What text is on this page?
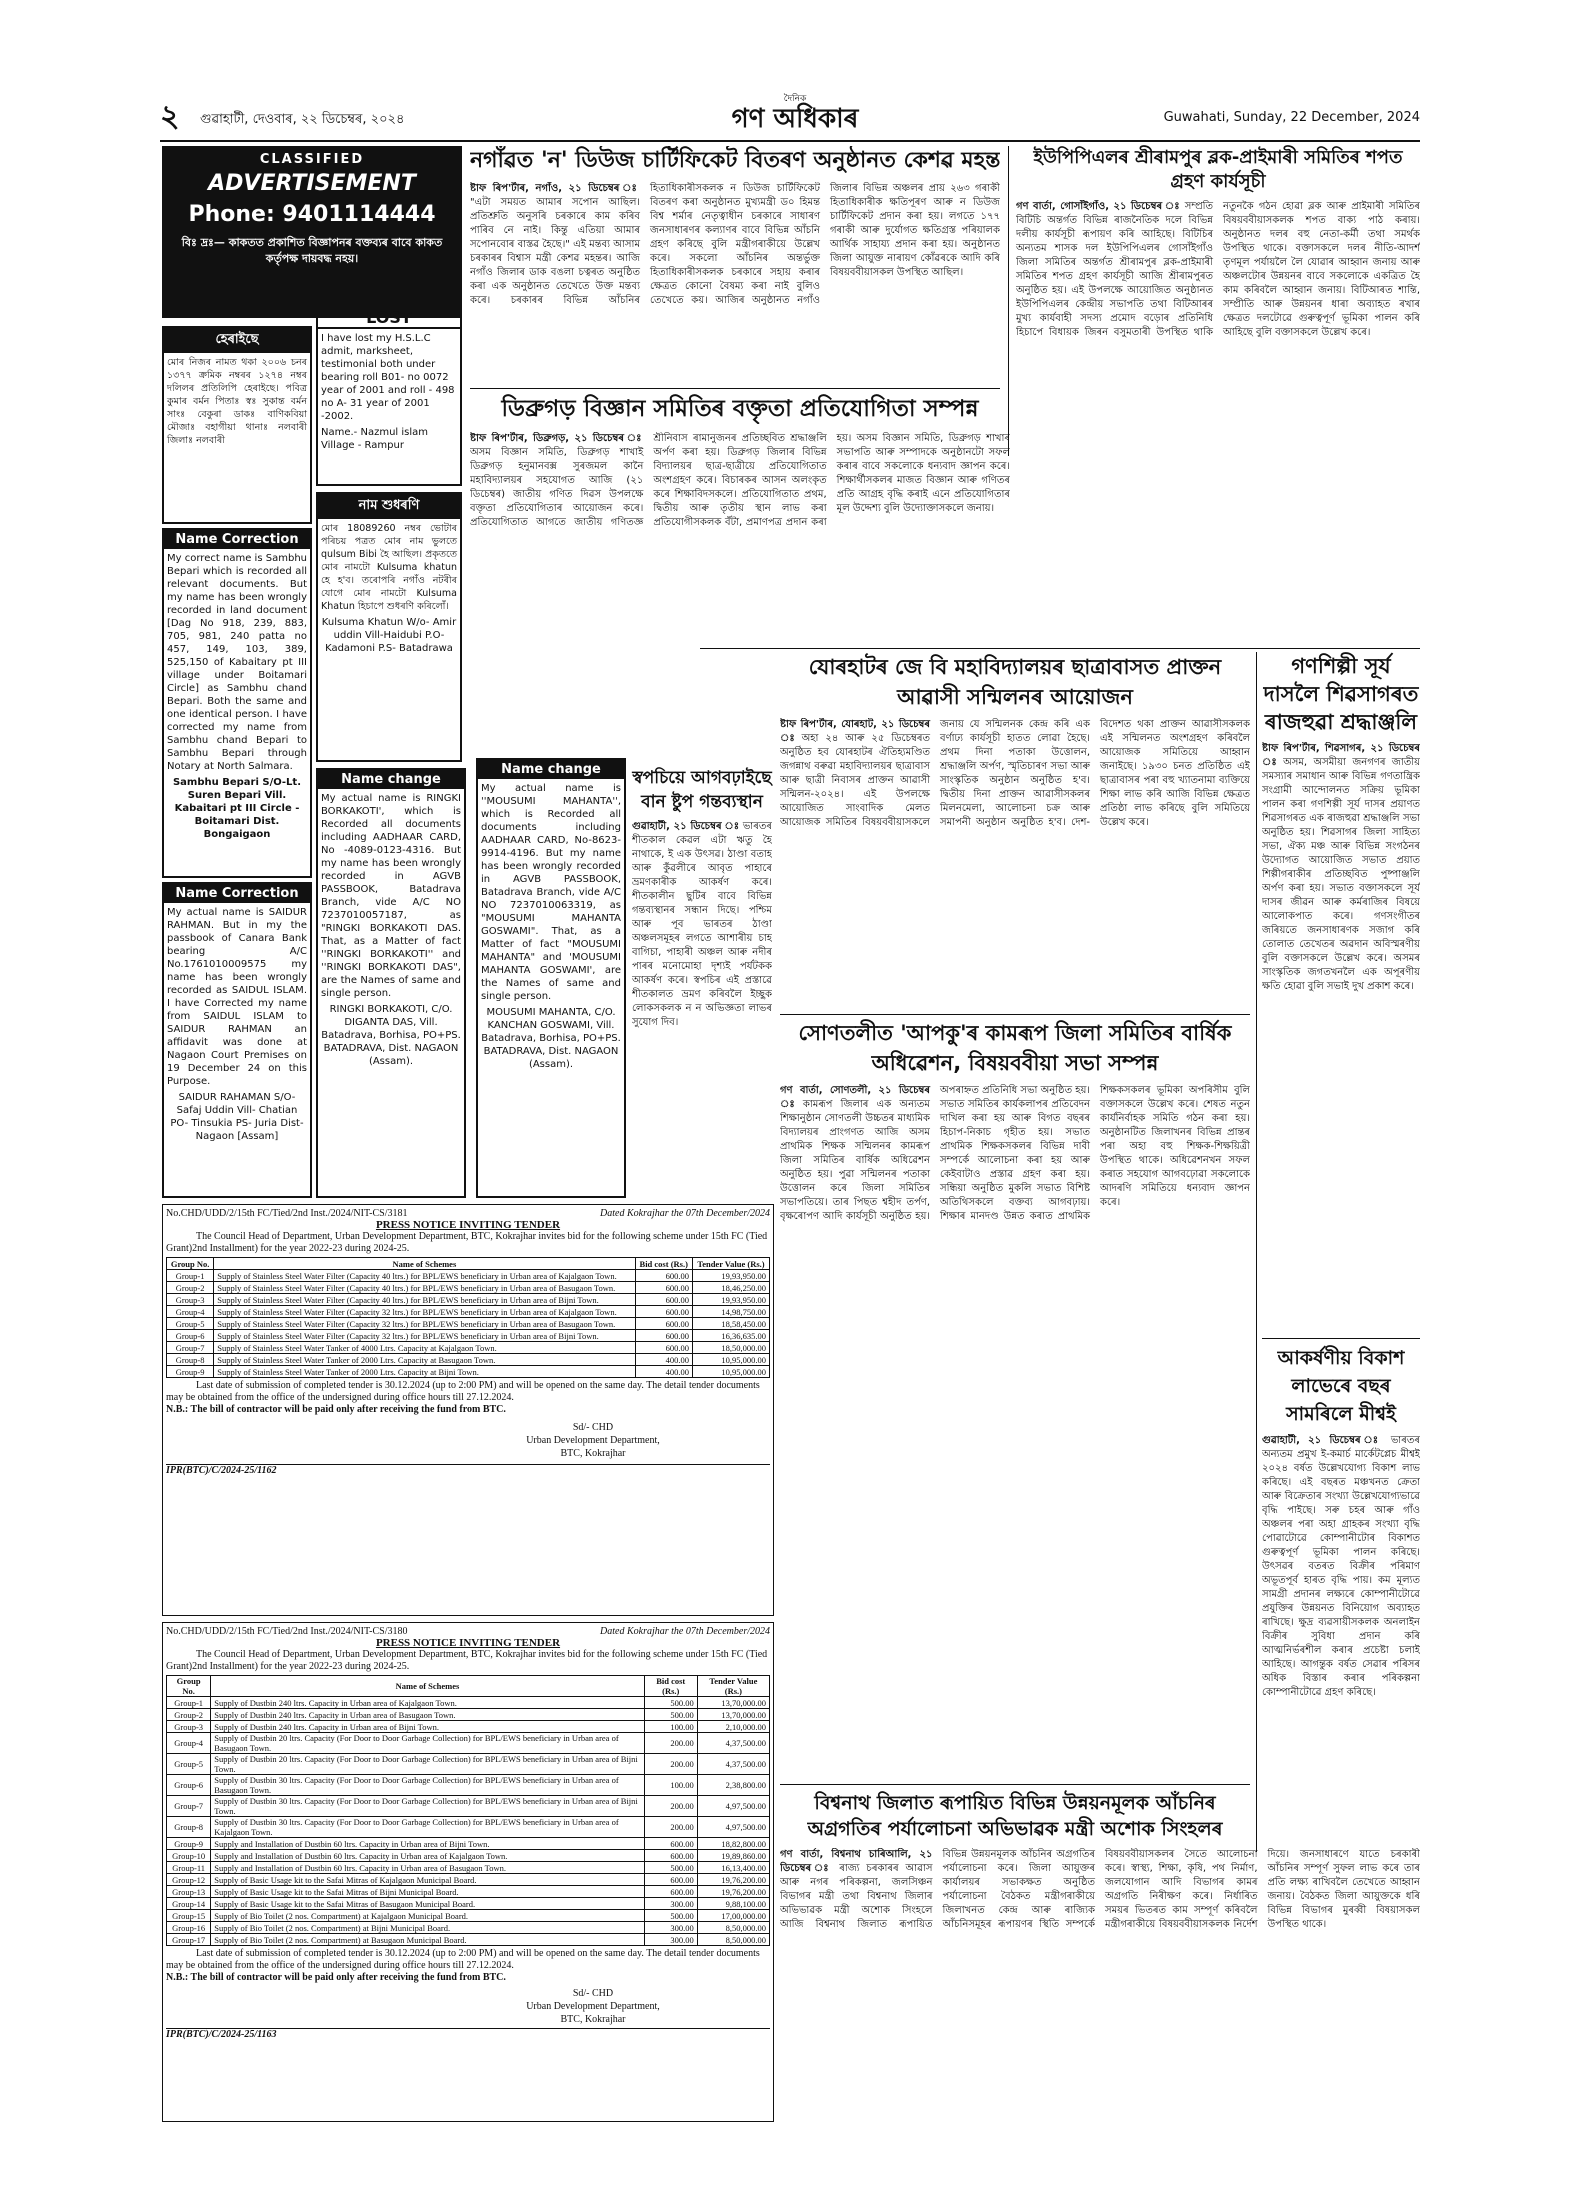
২ গুৱাহাটী, দেওবাৰ, ২২ ডিচেম্বৰ, ২০২৪
দৈনিক
গণ অধিকাৰ	Guwahati, Sunday, 22 December, 2024
CLASSIFIED
ADVERTISEMENT
Phone: 9401114444
বিঃ দ্ৰঃ— কাকতত প্ৰকাশিত বিজ্ঞাপনৰ বক্তব্যৰ বাবে কাকত কৰ্তৃপক্ষ দায়বদ্ধ নহয়।
হেৰাইছে
মোৰ নিজৰ নামত থকা ২০০৬ চনৰ ১৩৭৭ ক্ৰমিক নম্বৰৰ ১২৭৪ নম্বৰ দলিলৰ প্ৰতিলিপি হেৰাইছে। পবিত্ৰ কুমাৰ বৰ্মন পিতাঃ স্বঃ সুকান্ত বৰ্মন সাংঃ বেকুৰা ডাকঃ বাণিকবিয়া মৌজাঃ বহাগীয়া থানাঃ নলবাৰী জিলাঃ নলবাৰী
LOST
I have lost my H.S.L.C admit, marksheet, testimonial both under bearing roll B01- no 0072 year of 2001 and roll - 498 no A- 31 year of 2001 -2002.
Name.- Nazmul islam Village - Rampur
নাম শুধৰণি
মোৰ 18089260 নম্বৰ ভোটাৰ পৰিচয় পত্ৰত মোৰ নাম ভুলতে qulsum Bibi হৈ আছিল। প্ৰকৃততে মোৰ নামটো Kulsuma khatun হে হ'ব। তৰোপৰি নগাঁও নটৰীৰ যোগে মোৰ নামটো Kulsuma Khatun হিচাপে শুধৰণি কৰিলোঁ।
Kulsuma Khatun W/o- Amir uddin Vill-Haidubi P.O-Kadamoni P.S- Batadrawa
Name Correction
My correct name is Sambhu Bepari which is recorded all relevant documents. But my name has been wrongly recorded in land document [Dag No 918, 239, 883, 705, 981, 240 patta no 457, 149, 103, 389, 525,150 of Kabaitary pt III village under Boitamari Circle] as Sambhu chand Bepari. Both the same and one identical person. I have corrected my name from Sambhu chand Bepari to Sambhu Bepari through Notary at North Salmara.
Sambhu Bepari S/O-Lt. Suren Bepari Vill. Kabaitari pt III Circle - Boitamari Dist. Bongaigaon
Name change
My actual name is RINGKI BORKAKOTI', which is Recorded all documents including AADHAAR CARD, No -4089-0123-4316. But my name has been wrongly recorded in AGVB PASSBOOK, Batadrava Branch, vide A/C NO 7237010057187, as "RINGKI BORKAKOTI DAS. That, as a Matter of fact ''RINGKI BORKAKOTI'' and ''RINGKI BORKAKOTI DAS", are the Names of same and single person.
RINGKI BORKAKOTI, C/O. DIGANTA DAS, Vill. Batadrava, Borhisa, PO+PS. BATADRAVA, Dist. NAGAON (Assam).
Name Correction
My actual name is SAIDUR RAHMAN. But in my the passbook of Canara Bank bearing A/C No.1761010009575 my name has been wrongly recorded as SAIDUL ISLAM. I have Corrected my name from SAIDUL ISLAM to SAIDUR RAHMAN an affidavit was done at Nagaon Court Premises on 19 December 24 on this Purpose.
SAIDUR RAHAMAN S/O-Safaj Uddin Vill- Chatian PO- Tinsukia PS- Juria Dist-Nagaon [Assam]
Name change
My actual name is ''MOUSUMI MAHANTA'', which is Recorded all documents including AADHAAR CARD, No-8623-9914-4196. But my name has been wrongly recorded in AGVB PASSBOOK, Batadrava Branch, vide A/C NO 7237010063319, as "MOUSUMI MAHANTA GOSWAMI". That, as a Matter of fact "MOUSUMI MAHANTA" and 'MOUSUMI MAHANTA GOSWAMI', are the Names of same and single person.
MOUSUMI MAHANTA, C/O. KANCHAN GOSWAMI, Vill. Batadrava, Borhisa, PO+PS. BATADRAVA, Dist. NAGAON (Assam).
নগাঁৱত 'ন' ডিউজ চাৰ্টিফিকেট বিতৰণ অনুষ্ঠানত কেশৱ মহন্ত
ষ্টাফ ৰিপ'ৰ্টাৰ, নগাঁও, ২১ ডিচেম্বৰ ঃ "এটা সময়ত আমাৰ সপোন আছিল। প্ৰতিশ্ৰুতি অনুসৰি চৰকাৰে কাম কৰিব পাৰিব নে নাই। কিন্তু এতিয়া আমাৰ সপোনবোৰ বাস্তৱ হৈছে।" এই মন্তব্য আসাম চৰকাৰৰ বিশ্বাস মন্ত্ৰী কেশৱ মহন্তৰ। আজি নগাঁও জিলাৰ ডাক বঙলা চত্বৰত অনুষ্ঠিত কৰা এক অনুষ্ঠানত তেখেতে উক্ত মন্তব্য কৰে। চৰকাৰৰ বিভিন্ন আঁচনিৰ হিতাধিকাৰীসকলক ন ডিউজ চাৰ্টিফিকেট বিতৰণ কৰা অনুষ্ঠানত মুখ্যমন্ত্ৰী ড০ হিমন্ত বিশ্ব শৰ্মাৰ নেতৃত্বাধীন চৰকাৰে সাধাৰণ জনসাধাৰণৰ কল্যাণৰ বাবে বিভিন্ন আঁচনি গ্ৰহণ কৰিছে বুলি মন্ত্ৰীগৰাকীয়ে উল্লেখ কৰে। সকলো আঁচনিৰ অন্তৰ্ভুক্ত হিতাধিকাৰীসকলক চৰকাৰে সহায় কৰাৰ ক্ষেত্ৰত কোনো বৈষম্য কৰা নাই বুলিও তেখেতে কয়। আজিৰ অনুষ্ঠানত নগাঁও জিলাৰ বিভিন্ন অঞ্চলৰ প্ৰায় ২৬৩ গৰাকী হিতাধিকাৰীক ক্ষতিপূৰণ আৰু ন ডিউজ চাৰ্টিফিকেট প্ৰদান কৰা হয়। লগতে ১৭৭ গৰাকী আৰু দুৰ্যোগত ক্ষতিগ্ৰস্ত পৰিয়ালক আৰ্থিক সাহায্য প্ৰদান কৰা হয়। অনুষ্ঠানত জিলা আয়ুক্ত নাৰায়ণ কোঁৱৰকে আদি কৰি বিষয়ববীয়াসকল উপস্থিত আছিল।
ইউপিপিএলৰ শ্ৰীৰামপুৰ ব্লক-প্ৰাইমাৰী সমিতিৰ শপত গ্ৰহণ কাৰ্যসূচী
গণ বাৰ্তা, গোসাঁইগাঁও, ২১ ডিচেম্বৰ ঃ সম্প্ৰতি বিটিচি অন্তৰ্গত বিভিন্ন ৰাজনৈতিক দলে বিভিন্ন দলীয় কাৰ্যসূচী ৰূপায়ণ কৰি আহিছে। বিটিচিৰ অন্যতম শাসক দল ইউপিপিএলৰ গোসাঁইগাঁও জিলা সমিতিৰ অন্তৰ্গত শ্ৰীৰামপুৰ ব্লক-প্ৰাইমাৰী সমিতিৰ শপত গ্ৰহণ কাৰ্যসূচী আজি শ্ৰীৰামপুৰত অনুষ্ঠিত হয়। এই উপলক্ষে আয়োজিত অনুষ্ঠানত ইউপিপিএলৰ কেন্দ্ৰীয় সভাপতি তথা বিটিআৰৰ মুখ্য কাৰ্যবাহী সদস্য প্ৰমোদ বড়োৰ প্ৰতিনিধি হিচাপে বিধায়ক জিৰন বসুমতাৰী উপস্থিত থাকি নতুনকৈ গঠন হোৱা ব্লক আৰু প্ৰাইমাৰী সমিতিৰ বিষয়ববীয়াসকলক শপত বাক্য পাঠ কৰায়। অনুষ্ঠানত দলৰ বহু নেতা-কৰ্মী তথা সমৰ্থক উপস্থিত থাকে। বক্তাসকলে দলৰ নীতি-আদৰ্শ তৃণমূল পৰ্যায়লৈ লৈ যোৱাৰ আহ্বান জনায় আৰু অঞ্চলটোৰ উন্নয়নৰ বাবে সকলোকে একত্ৰিত হৈ কাম কৰিবলৈ আহ্বান জনায়। বিটিআৰত শান্তি, সম্প্ৰীতি আৰু উন্নয়নৰ ধাৰা অব্যাহত ৰখাৰ ক্ষেত্ৰত দলটোৱে গুৰুত্বপূৰ্ণ ভূমিকা পালন কৰি আহিছে বুলি বক্তাসকলে উল্লেখ কৰে।
ডিব্ৰুগড় বিজ্ঞান সমিতিৰ বক্তৃতা প্ৰতিযোগিতা সম্পন্ন
ষ্টাফ ৰিপ'ৰ্টাৰ, ডিব্ৰুগড়, ২১ ডিচেম্বৰ ঃ অসম বিজ্ঞান সমিতি, ডিব্ৰুগড় শাখাই ডিব্ৰুগড় হনুমানবক্স সুৰজমল কানৈ মহাবিদ্যালয়ৰ সহযোগত আজি (২১ ডিচেম্বৰ) জাতীয় গণিত দিৱস উপলক্ষে বক্তৃতা প্ৰতিযোগিতাৰ আয়োজন কৰে। প্ৰতিযোগিতাত আগতে জাতীয় গণিতজ্ঞ শ্ৰীনিবাস ৰামানুজনৰ প্ৰতিচ্ছবিত শ্ৰদ্ধাঞ্জলি অৰ্পণ কৰা হয়। ডিব্ৰুগড় জিলাৰ বিভিন্ন বিদ্যালয়ৰ ছাত্ৰ-ছাত্ৰীয়ে প্ৰতিযোগিতাত অংশগ্ৰহণ কৰে। বিচাৰকৰ আসন অলংকৃত কৰে শিক্ষাবিদসকলে। প্ৰতিযোগিতাত প্ৰথম, দ্বিতীয় আৰু তৃতীয় স্থান লাভ কৰা প্ৰতিযোগীসকলক বঁটা, প্ৰমাণপত্ৰ প্ৰদান কৰা হয়। অসম বিজ্ঞান সমিতি, ডিব্ৰুগড় শাখাৰ সভাপতি আৰু সম্পাদকে অনুষ্ঠানটো সফল কৰাৰ বাবে সকলোকে ধন্যবাদ জ্ঞাপন কৰে। শিক্ষাৰ্থীসকলৰ মাজত বিজ্ঞান আৰু গণিতৰ প্ৰতি আগ্ৰহ বৃদ্ধি কৰাই এনে প্ৰতিযোগিতাৰ মূল উদ্দেশ্য বুলি উদ্যোক্তাসকলে জনায়।
যোৰহাটৰ জে বি মহাবিদ্যালয়ৰ ছাত্ৰাবাসত প্ৰাক্তন আৱাসী সন্মিলনৰ আয়োজন
ষ্টাফ ৰিপ'ৰ্টাৰ, যোৰহাট, ২১ ডিচেম্বৰ ঃ অহা ২৪ আৰু ২৫ ডিচেম্বৰত অনুষ্ঠিত হব যোৰহাটৰ ঐতিহ্যমণ্ডিত জগন্নাথ বৰুৱা মহাবিদ্যালয়ৰ ছাত্ৰাবাস আৰু ছাত্ৰী নিবাসৰ প্ৰাক্তন আৱাসী সন্মিলন-২০২৪। এই উপলক্ষে আয়োজিত সাংবাদিক মেলত আয়োজক সমিতিৰ বিষয়ববীয়াসকলে জনায় যে সন্মিলনক কেন্দ্ৰ কৰি এক বৰ্ণাঢ্য কাৰ্যসূচী হাতত লোৱা হৈছে। প্ৰথম দিনা পতাকা উত্তোলন, শ্ৰদ্ধাঞ্জলি অৰ্পণ, স্মৃতিচাৰণ সভা আৰু সাংস্কৃতিক অনুষ্ঠান অনুষ্ঠিত হ'ব। দ্বিতীয় দিনা প্ৰাক্তন আৱাসীসকলৰ মিলনমেলা, আলোচনা চক্ৰ আৰু সমাপনী অনুষ্ঠান অনুষ্ঠিত হ'ব। দেশ-বিদেশত থকা প্ৰাক্তন আৱাসীসকলক এই সন্মিলনত অংশগ্ৰহণ কৰিবলৈ আয়োজক সমিতিয়ে আহ্বান জনাইছে। ১৯৩০ চনত প্ৰতিষ্ঠিত এই ছাত্ৰাবাসৰ পৰা বহু খ্যাতনামা ব্যক্তিয়ে শিক্ষা লাভ কৰি আজি বিভিন্ন ক্ষেত্ৰত প্ৰতিষ্ঠা লাভ কৰিছে বুলি সমিতিয়ে উল্লেখ কৰে।
স্বপচিয়ে আগবঢ়াইছে বান ষ্টুপ গন্তব্যস্থান
গুৱাহাটী, ২১ ডিচেম্বৰ ঃ ভাৰতৰ শীতকাল কেৱল এটা ঋতু হৈ নাথাকে, ই এক উৎসৱ। ঠাণ্ডা বতাহ আৰু কুঁৱলীৰে আবৃত পাহাৰে ভ্ৰমণকাৰীক আকৰ্ষণ কৰে। শীতকালীন ছুটিৰ বাবে বিভিন্ন গন্তব্যস্থানৰ সন্ধান দিছে। পশ্চিম আৰু পূব ভাৰতৰ ঠাণ্ডা অঞ্চলসমূহৰ লগতে আশাৰীয় চাহ বাগিচা, পাহাৰী অঞ্চল আৰু নদীৰ পাৰৰ মনোমোহা দৃশ্যই পৰ্যটকক আকৰ্ষণ কৰে। স্বপচিৰ এই প্ৰস্তাৱে শীতকালত ভ্ৰমণ কৰিবলৈ ইচ্ছুক লোকসকলক ন ন অভিজ্ঞতা লাভৰ সুযোগ দিব।
গণশিল্পী সূৰ্য দাসলৈ শিৱসাগৰত ৰাজহুৱা শ্ৰদ্ধাঞ্জলি
ষ্টাফ ৰিপ'ৰ্টাৰ, শিৱসাগৰ, ২১ ডিচেম্বৰ ঃ অসম, অসমীয়া জনগণৰ জাতীয় সমস্যাৰ সমাধান আৰু বিভিন্ন গণতান্ত্ৰিক সংগ্ৰামী আন্দোলনত সক্ৰিয় ভূমিকা পালন কৰা গণশিল্পী সূৰ্য দাসৰ প্ৰয়াণত শিৱসাগৰত এক ৰাজহুৱা শ্ৰদ্ধাঞ্জলি সভা অনুষ্ঠিত হয়। শিৱসাগৰ জিলা সাহিত্য সভা, ঐক্য মঞ্চ আৰু বিভিন্ন সংগঠনৰ উদ্যোগত আয়োজিত সভাত প্ৰয়াত শিল্পীগৰাকীৰ প্ৰতিচ্ছবিত পুষ্পাঞ্জলি অৰ্পণ কৰা হয়। সভাত বক্তাসকলে সূৰ্য দাসৰ জীৱন আৰু কৰ্মৰাজিৰ বিষয়ে আলোকপাত কৰে। গণসংগীতৰ জৰিয়তে জনসাধাৰণক সজাগ কৰি তোলাত তেখেতৰ অৱদান অবিস্মৰণীয় বুলি বক্তাসকলে উল্লেখ কৰে। অসমৰ সাংস্কৃতিক জগতখনলৈ এক অপূৰণীয় ক্ষতি হোৱা বুলি সভাই দুখ প্ৰকাশ কৰে।
সোণতলীত 'আপকু'ৰ কামৰূপ জিলা সমিতিৰ বাৰ্ষিক অধিৱেশন, বিষয়ববীয়া সভা সম্পন্ন
গণ বাৰ্তা, সোণতলী, ২১ ডিচেম্বৰ ঃ কামৰূপ জিলাৰ এক অন্যতম শিক্ষানুষ্ঠান সোণতলী উচ্চতৰ মাধ্যমিক বিদ্যালয়ৰ প্ৰাংগণত আজি অসম প্ৰাথমিক শিক্ষক সন্মিলনৰ কামৰূপ জিলা সমিতিৰ বাৰ্ষিক অধিৱেশন অনুষ্ঠিত হয়। পুৱা সন্মিলনৰ পতাকা উত্তোলন কৰে জিলা সমিতিৰ সভাপতিয়ে। তাৰ পিছত শ্বহীদ তৰ্পণ, বৃক্ষৰোপণ আদি কাৰ্যসূচী অনুষ্ঠিত হয়। অপৰাহ্নত প্ৰতিনিধি সভা অনুষ্ঠিত হয়। সভাত সমিতিৰ কাৰ্যকলাপৰ প্ৰতিবেদন দাখিল কৰা হয় আৰু বিগত বছৰৰ হিচাপ-নিকাচ গৃহীত হয়। সভাত প্ৰাথমিক শিক্ষকসকলৰ বিভিন্ন দাবী সম্পৰ্কে আলোচনা কৰা হয় আৰু কেইবাটাও প্ৰস্তাৱ গ্ৰহণ কৰা হয়। সন্ধিয়া অনুষ্ঠিত মুকলি সভাত বিশিষ্ট অতিথিসকলে বক্তব্য আগবঢ়ায়। শিক্ষাৰ মানদণ্ড উন্নত কৰাত প্ৰাথমিক শিক্ষকসকলৰ ভূমিকা অপৰিসীম বুলি বক্তাসকলে উল্লেখ কৰে। শেষত নতুন কাৰ্যনিৰ্বাহক সমিতি গঠন কৰা হয়। অনুষ্ঠানটিত জিলাখনৰ বিভিন্ন প্ৰান্তৰ পৰা অহা বহু শিক্ষক-শিক্ষয়িত্ৰী উপস্থিত থাকে। অধিৱেশনখন সফল কৰাত সহযোগ আগবঢ়োৱা সকলোকে আদৰণি সমিতিয়ে ধন্যবাদ জ্ঞাপন কৰে।
আকৰ্ষণীয় বিকাশ লাভেৰে বছৰ সামৰিলে মীশ্বই
গুৱাহাটী, ২১ ডিচেম্বৰ ঃ ভাৰতৰ অন্যতম প্ৰমুখ ই-কমাৰ্চ মাৰ্কেটপ্লেচ মীশ্বই ২০২৪ বৰ্ষত উল্লেখযোগ্য বিকাশ লাভ কৰিছে। এই বছৰত মঞ্চখনত ক্ৰেতা আৰু বিক্ৰেতাৰ সংখ্যা উল্লেখযোগ্যভাৱে বৃদ্ধি পাইছে। সৰু চহৰ আৰু গাঁও অঞ্চলৰ পৰা অহা গ্ৰাহকৰ সংখ্যা বৃদ্ধি পোৱাটোৱে কোম্পানীটোৰ বিকাশত গুৰুত্বপূৰ্ণ ভূমিকা পালন কৰিছে। উৎসৱৰ বতৰত বিক্ৰীৰ পৰিমাণ অভূতপূৰ্ব হাৰত বৃদ্ধি পায়। কম মূল্যত সামগ্ৰী প্ৰদানৰ লক্ষ্যৰে কোম্পানীটোৱে প্ৰযুক্তিৰ উন্নয়নত বিনিয়োগ অব্যাহত ৰাখিছে। ক্ষুদ্ৰ ব্যৱসায়ীসকলক অনলাইন বিক্ৰীৰ সুবিধা প্ৰদান কৰি আত্মনিৰ্ভৰশীল কৰাৰ প্ৰচেষ্টা চলাই আহিছে। আগন্তুক বৰ্ষত সেৱাৰ পৰিসৰ অধিক বিস্তাৰ কৰাৰ পৰিকল্পনা কোম্পানীটোৱে গ্ৰহণ কৰিছে।
বিশ্বনাথ জিলাত ৰূপায়িত বিভিন্ন উন্নয়নমূলক আঁচনিৰ অগ্ৰগতিৰ পৰ্যালোচনা অভিভাৱক মন্ত্ৰী অশোক সিংহলৰ
গণ বাৰ্তা, বিশ্বনাথ চাৰিআলি, ২১ ডিচেম্বৰ ঃ ৰাজ্য চৰকাৰৰ আৱাস আৰু নগৰ পৰিকল্পনা, জলসিঞ্চন বিভাগৰ মন্ত্ৰী তথা বিশ্বনাথ জিলাৰ অভিভাৱক মন্ত্ৰী অশোক সিংহলে আজি বিশ্বনাথ জিলাত ৰূপায়িত বিভিন্ন উন্নয়নমূলক আঁচনিৰ অগ্ৰগতিৰ পৰ্যালোচনা কৰে। জিলা আয়ুক্তৰ কাৰ্যালয়ৰ সভাকক্ষত অনুষ্ঠিত পৰ্যালোচনা বৈঠকত মন্ত্ৰীগৰাকীয়ে জিলাখনত কেন্দ্ৰ আৰু ৰাজ্যিক আঁচনিসমূহৰ ৰূপায়ণৰ স্থিতি সম্পৰ্কে বিষয়ববীয়াসকলৰ সৈতে আলোচনা কৰে। স্বাস্থ্য, শিক্ষা, কৃষি, পথ নিৰ্মাণ, জলযোগান আদি বিভাগৰ কামৰ অগ্ৰগতি নিৰীক্ষণ কৰে। নিৰ্ধাৰিত সময়ৰ ভিতৰত কাম সম্পূৰ্ণ কৰিবলৈ মন্ত্ৰীগৰাকীয়ে বিষয়ববীয়াসকলক নিৰ্দেশ দিয়ে। জনসাধাৰণে যাতে চৰকাৰী আঁচনিৰ সম্পূৰ্ণ সুফল লাভ কৰে তাৰ প্ৰতি লক্ষ্য ৰাখিবলৈ তেখেতে আহ্বান জনায়। বৈঠকত জিলা আয়ুক্তকে ধৰি বিভিন্ন বিভাগৰ মুৰব্বী বিষয়াসকল উপস্থিত থাকে।
No.CHD/UDD/2/15th FC/Tied/2nd Inst./2024/NIT-CS/3181	Dated Kokrajhar the 07th December/2024
PRESS NOTICE INVITING TENDER
The Council Head of Department, Urban Development Department, BTC, Kokrajhar invites bid for the following scheme under 15th FC (Tied Grant)2nd Installment) for the year 2022-23 during 2024-25.
Group No.	Name of Schemes	Bid cost (Rs.)	Tender Value (Rs.)
Group-1	Supply of Stainless Steel Water Filter (Capacity 40 ltrs.) for BPL/EWS beneficiary in Urban area of Kajalgaon Town.	600.00	19,93,950.00
Group-2	Supply of Stainless Steel Water Filter (Capacity 40 ltrs.) for BPL/EWS beneficiary in Urban area of Basugaon Town.	600.00	18,46,250.00
Group-3	Supply of Stainless Steel Water Filter (Capacity 40 ltrs.) for BPL/EWS beneficiary in Urban area of Bijni Town.	600.00	19,93,950.00
Group-4	Supply of Stainless Steel Water Filter (Capacity 32 ltrs.) for BPL/EWS beneficiary in Urban area of Kajalgaon Town.	600.00	14,98,750.00
Group-5	Supply of Stainless Steel Water Filter (Capacity 32 ltrs.) for BPL/EWS beneficiary in Urban area of Basugaon Town.	600.00	18,58,450.00
Group-6	Supply of Stainless Steel Water Filter (Capacity 32 ltrs.) for BPL/EWS beneficiary in Urban area of Bijni Town.	600.00	16,36,635.00
Group-7	Supply of Stainless Steel Water Tanker of 4000 Ltrs. Capacity at Kajalgaon Town.	600.00	18,50,000.00
Group-8	Supply of Stainless Steel Water Tanker of 2000 Ltrs. Capacity at Basugaon Town.	400.00	10,95,000.00
Group-9	Supply of Stainless Steel Water Tanker of 2000 Ltrs. Capacity at Bijni Town.	400.00	10,95,000.00
Last date of submission of completed tender is 30.12.2024 (up to 2:00 PM) and will be opened on the same day. The detail tender documents may be obtained from the office of the undersigned during office hours till 27.12.2024.
N.B.: The bill of contractor will be paid only after receiving the fund from BTC.
Sd/- CHD
Urban Development Department, BTC, Kokrajhar
IPR(BTC)/C/2024-25/1162
No.CHD/UDD/2/15th FC/Tied/2nd Inst./2024/NIT-CS/3180	Dated Kokrajhar the 07th December/2024
PRESS NOTICE INVITING TENDER
The Council Head of Department, Urban Development Department, BTC, Kokrajhar invites bid for the following scheme under 15th FC (Tied Grant)2nd Installment) for the year 2022-23 during 2024-25.
Group No.	Name of Schemes	Bid cost (Rs.)	Tender Value (Rs.)
Group-1	Supply of Dustbin 240 ltrs. Capacity in Urban area of Kajalgaon Town.	500.00	13,70,000.00
Group-2	Supply of Dustbin 240 ltrs. Capacity in Urban area of Basugaon Town.	500.00	13,70,000.00
Group-3	Supply of Dustbin 240 ltrs. Capacity in Urban area of Bijni Town.	100.00	2,10,000.00
Group-4	Supply of Dustbin 20 ltrs. Capacity (For Door to Door Garbage Collection) for BPL/EWS beneficiary in Urban area of Basugaon Town.	200.00	4,37,500.00
Group-5	Supply of Dustbin 20 ltrs. Capacity (For Door to Door Garbage Collection) for BPL/EWS beneficiary in Urban area of Bijni Town.	200.00	4,37,500.00
Group-6	Supply of Dustbin 30 ltrs. Capacity (For Door to Door Garbage Collection) for BPL/EWS beneficiary in Urban area of Basugaon Town.	100.00	2,38,800.00
Group-7	Supply of Dustbin 30 ltrs. Capacity (For Door to Door Garbage Collection) for BPL/EWS beneficiary in Urban area of Bijni Town.	200.00	4,97,500.00
Group-8	Supply of Dustbin 30 ltrs. Capacity (For Door to Door Garbage Collection) for BPL/EWS beneficiary in Urban area of Kajalgaon Town.	200.00	4,97,500.00
Group-9	Supply and Installation of Dustbin 60 ltrs. Capacity in Urban area of Bijni Town.	600.00	18,82,800.00
Group-10	Supply and Installation of Dustbin 60 ltrs. Capacity in Urban area of Kajalgaon Town.	600.00	19,89,860.00
Group-11	Supply and Installation of Dustbin 60 ltrs. Capacity in Urban area of Basugaon Town.	500.00	16,13,400.00
Group-12	Supply of Basic Usage kit to the Safai Mitras of Kajalgaon Municipal Board.	600.00	19,76,200.00
Group-13	Supply of Basic Usage kit to the Safai Mitras of Bijni Municipal Board.	600.00	19,76,200.00
Group-14	Supply of Basic Usage kit to the Safai Mitras of Basugaon Municipal Board.	300.00	9,88,100.00
Group-15	Supply of Bio Toilet (2 nos. Compartment) at Kajalgaon Municipal Board.	500.00	17,00,000.00
Group-16	Supply of Bio Toilet (2 nos. Compartment) at Bijni Municipal Board.	300.00	8,50,000.00
Group-17	Supply of Bio Toilet (2 nos. Compartment) at Basugaon Municipal Board.	300.00	8,50,000.00
Last date of submission of completed tender is 30.12.2024 (up to 2:00 PM) and will be opened on the same day. The detail tender documents may be obtained from the office of the undersigned during office hours till 27.12.2024.
N.B.: The bill of contractor will be paid only after receiving the fund from BTC.
Sd/- CHD
Urban Development Department, BTC, Kokrajhar
IPR(BTC)/C/2024-25/1163
